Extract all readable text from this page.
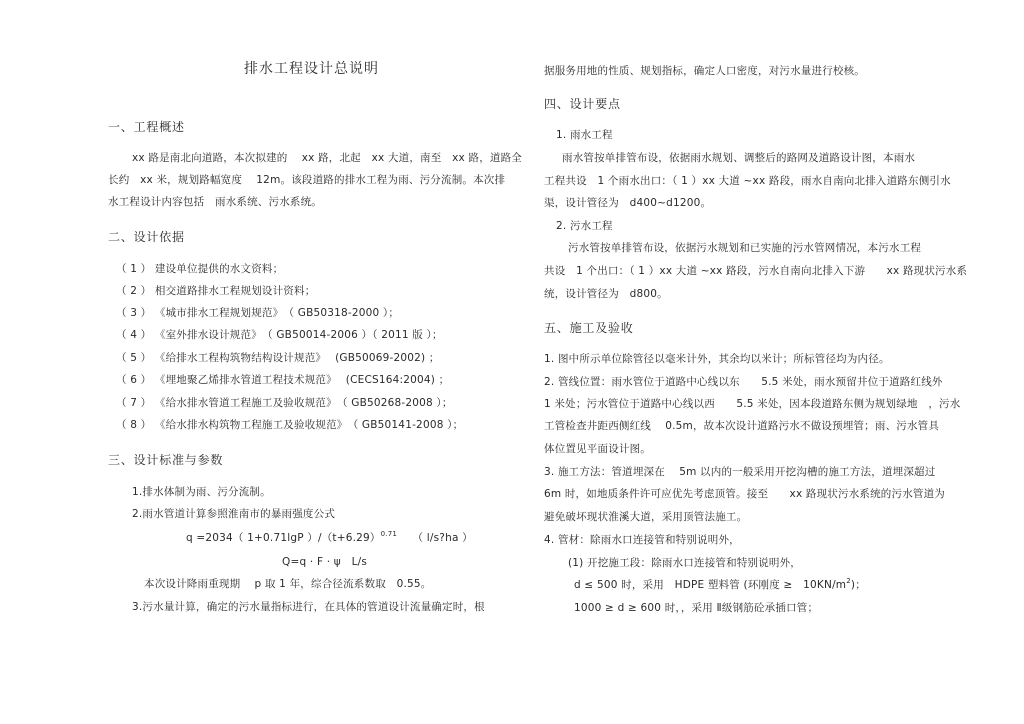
排水工程设计总说明
一、工程概述
xx 路是南北向道路，本次拟建的　 xx 路，北起　xx 大道，南至　xx 路，道路全
长约　xx 米，规划路幅宽度　 12m。该段道路的排水工程为雨、污分流制。本次排
水工程设计内容包括　雨水系统、污水系统。
二、设计依据
（ 1 ） 建设单位提供的水文资料；
（ 2 ） 相交道路排水工程规划设计资料；
（ 3 ） 《城市排水工程规划规范》　（ GB50318-2000 ）；
（ 4 ） 《室外排水设计规范》　（ GB50014-2006 ）（ 2011 版 ）；
（ 5 ） 《给排水工程构筑物结构设计规范》　 (GB50069-2002) ；
（ 6 ） 《埋地聚乙烯排水管道工程技术规范》　 (CECS164:2004) ；
（ 7 ） 《给水排水管道工程施工及验收规范》　（ GB50268-2008 ）；
（ 8 ） 《给水排水构筑物工程施工及验收规范》　（ GB50141-2008 ）；
三、设计标准与参数
1.排水体制为雨、污分流制。
2.雨水管道计算参照淮南市的暴雨强度公式
q =2034（ 1+0.71lgP ）$/(t+6.29)^{0.71}$ （ l/s?ha ）
Q=q · F · ψ　L/s
本次设计降雨重现期　 p 取 1 年，综合径流系数取　0.55。
3.污水量计算，确定的污水量指标进行，在具体的管道设计流量确定时，根
据服务用地的性质、规划指标，确定人口密度，对污水量进行校核。
四、设计要点
1. 雨水工程
雨水管按单排管布设，依据雨水规划、调整后的路网及道路设计图，本雨水
工程共设　1 个雨水出口：（ 1 ）xx 大道 ~xx 路段，雨水自南向北排入道路东侧引水
渠，设计管径为　d400~d1200。
2. 污水工程
污水管按单排管布设，依据污水规划和已实施的污水管网情况，本污水工程
共设　1 个出口：（ 1 ）xx 大道 ~xx 路段，污水自南向北排入下游　　xx 路现状污水系
统，设计管径为　d800。
五、施工及验收
1. 图中所示单位除管径以毫米计外，其余均以米计；所标管径均为内径。
2. 管线位置：雨水管位于道路中心线以东　　5.5 米处，雨水预留井位于道路红线外
1 米处；污水管位于道路中心线以西　　5.5 米处，因本段道路东侧为规划绿地　，污水
工管检查井距西侧红线　 0.5m，故本次设计道路污水不做设预埋管；雨、污水管具
体位置见平面设计图。
3. 施工方法：管道埋深在　 5m 以内的一般采用开挖沟槽的施工方法，道埋深超过
6m 时，如地质条件许可应优先考虑顶管。接至　　xx 路现状污水系统的污水管道为
避免破坏现状淮溪大道，采用顶管法施工。
4. 管材：除雨水口连接管和特别说明外，
(1) 开挖施工段：除雨水口连接管和特别说明外，
d ≤ 500 时，采用　HDPE 塑料管 (环刚度 ≥　$10KN/m^2$)；
1000 ≥ d ≥ 600 时，，采用 Ⅱ级钢筋砼承插口管；
